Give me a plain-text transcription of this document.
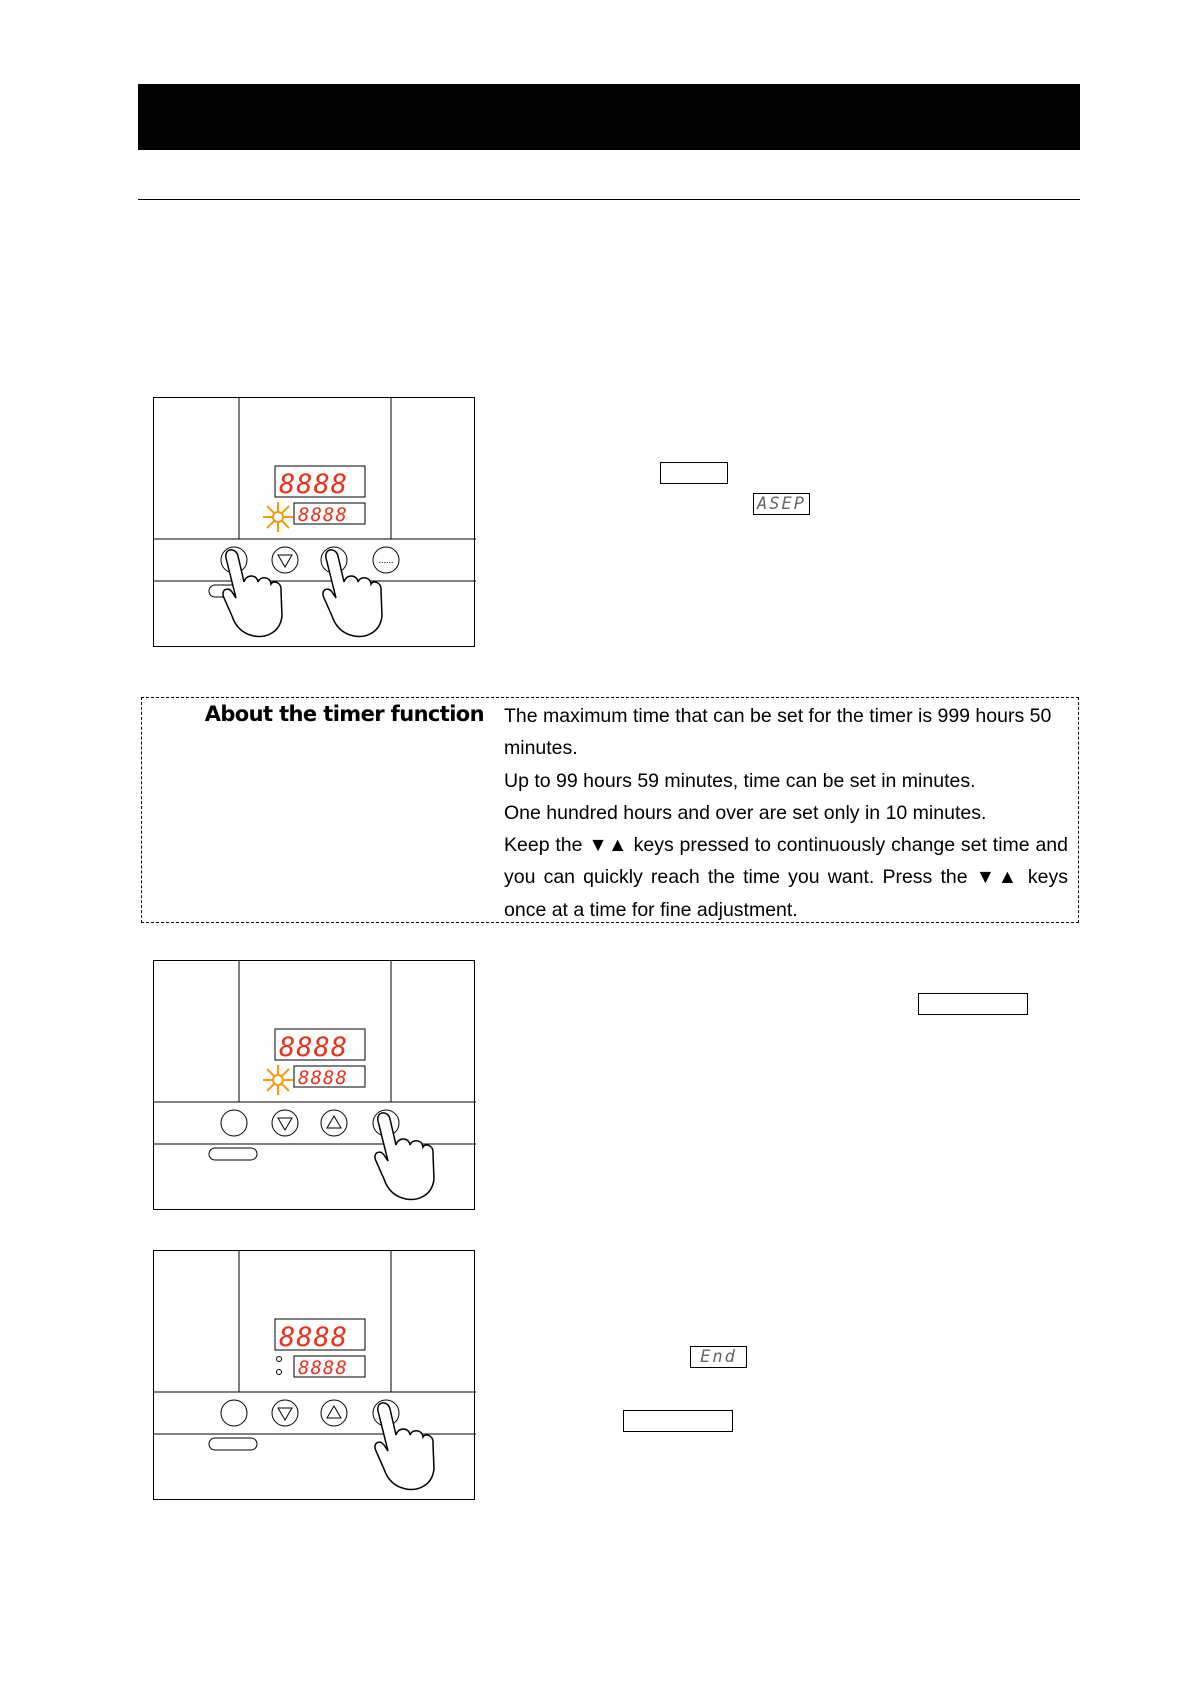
8888
8888
......
ASEP
About the timer function The maximum time that can be set for the timer is 999 hours 50 minutes.

Up to 99 hours 59 minutes, time can be set in minutes.

One hundred hours and over are set only in 10 minutes.

Keep the ▼▲ keys pressed to continuously change set time and you can quickly reach the time you want. Press the ▼▲ keys once at a time for fine adjustment.

8888
8888
8888
8888	End
